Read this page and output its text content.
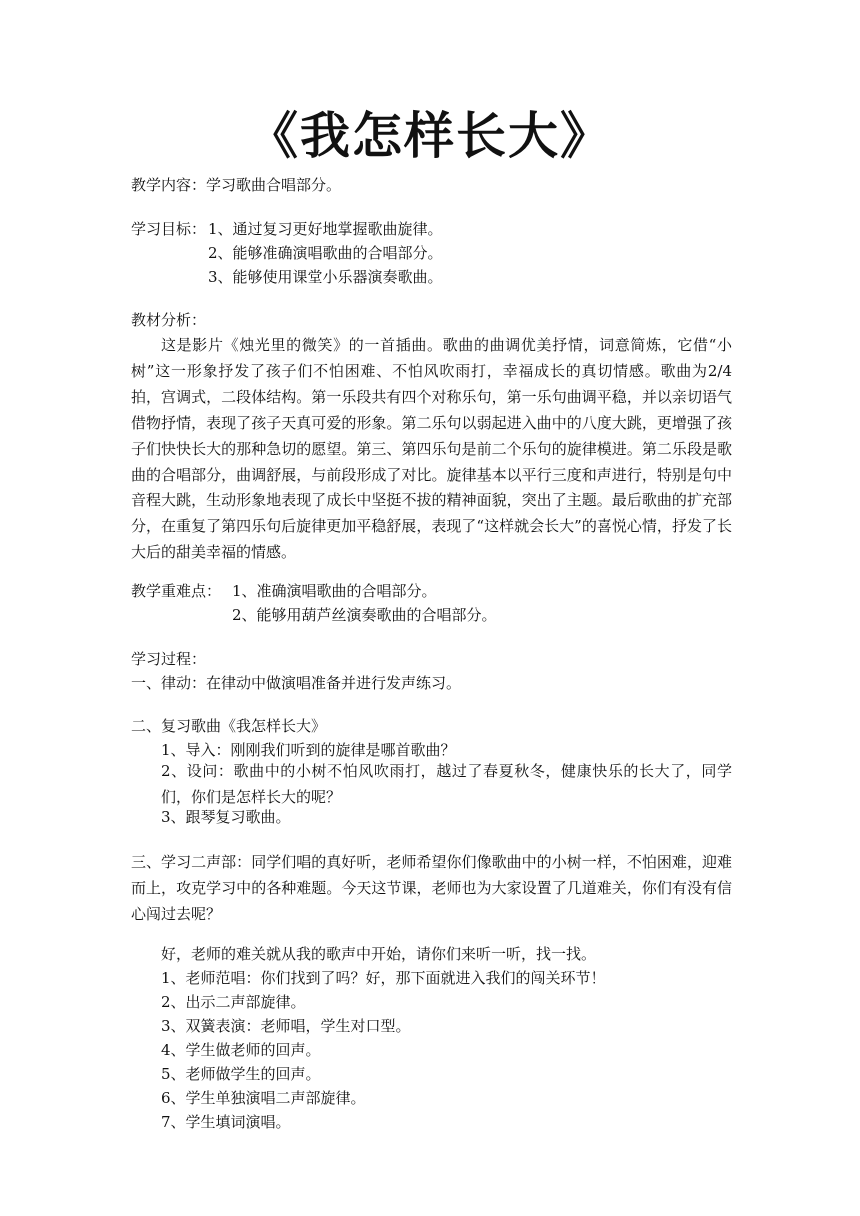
《我怎样长大》
教学内容：学习歌曲合唱部分。
学习目标： 1、通过复习更好地掌握歌曲旋律。
2、能够准确演唱歌曲的合唱部分。
3、能够使用课堂小乐器演奏歌曲。
教材分析：
这是影片《烛光里的微笑》的一首插曲。歌曲的曲调优美抒情，词意简炼，它借“小树”这一形象抒发了孩子们不怕困难、不怕风吹雨打，幸福成长的真切情感。歌曲为2/4拍，宫调式，二段体结构。第一乐段共有四个对称乐句，第一乐句曲调平稳，并以亲切语气借物抒情，表现了孩子天真可爱的形象。第二乐句以弱起进入曲中的八度大跳，更增强了孩子们快快长大的那种急切的愿望。第三、第四乐句是前二个乐句的旋律模进。第二乐段是歌曲的合唱部分，曲调舒展，与前段形成了对比。旋律基本以平行三度和声进行，特别是句中音程大跳，生动形象地表现了成长中坚挺不拔的精神面貌，突出了主题。最后歌曲的扩充部分，在重复了第四乐句后旋律更加平稳舒展，表现了“这样就会长大”的喜悦心情，抒发了长大后的甜美幸福的情感。
教学重难点： 1、准确演唱歌曲的合唱部分。
2、能够用葫芦丝演奏歌曲的合唱部分。
学习过程：
一、律动：在律动中做演唱准备并进行发声练习。
二、复习歌曲《我怎样长大》
1、导入：刚刚我们听到的旋律是哪首歌曲？
2、设问：歌曲中的小树不怕风吹雨打，越过了春夏秋冬，健康快乐的长大了，同学们，你们是怎样长大的呢？
3、跟琴复习歌曲。
三、学习二声部：同学们唱的真好听，老师希望你们像歌曲中的小树一样，不怕困难，迎难而上，攻克学习中的各种难题。今天这节课，老师也为大家设置了几道难关，你们有没有信心闯过去呢？
好，老师的难关就从我的歌声中开始，请你们来听一听，找一找。
1、老师范唱：你们找到了吗？好，那下面就进入我们的闯关环节！
2、出示二声部旋律。
3、双簧表演：老师唱，学生对口型。
4、学生做老师的回声。
5、老师做学生的回声。
6、学生单独演唱二声部旋律。
7、学生填词演唱。
